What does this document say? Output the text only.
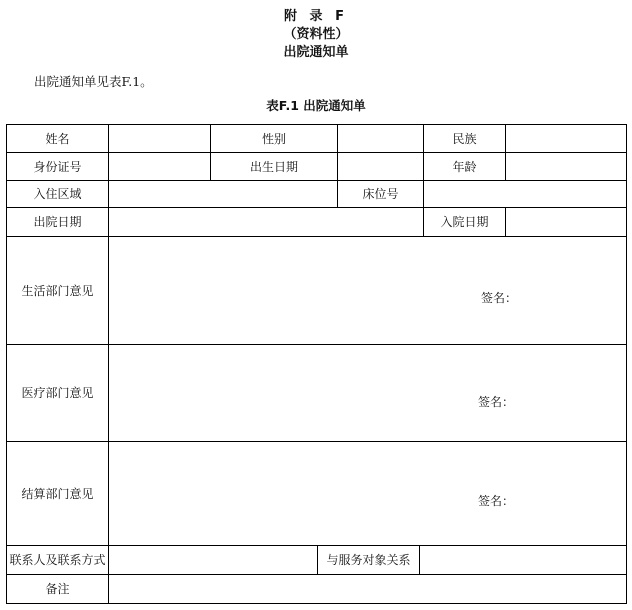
附 录 F
（资料性）
出院通知单
出院通知单见表F.1。
表F.1 出院通知单
姓名	性别	民族
身份证号	出生日期	年龄
入住区域	床位号
出院日期	入院日期
生活部门意见
签名：
医疗部门意见
签名：
结算部门意见
签名：
联系人及联系方式	与服务对象关系
备注
